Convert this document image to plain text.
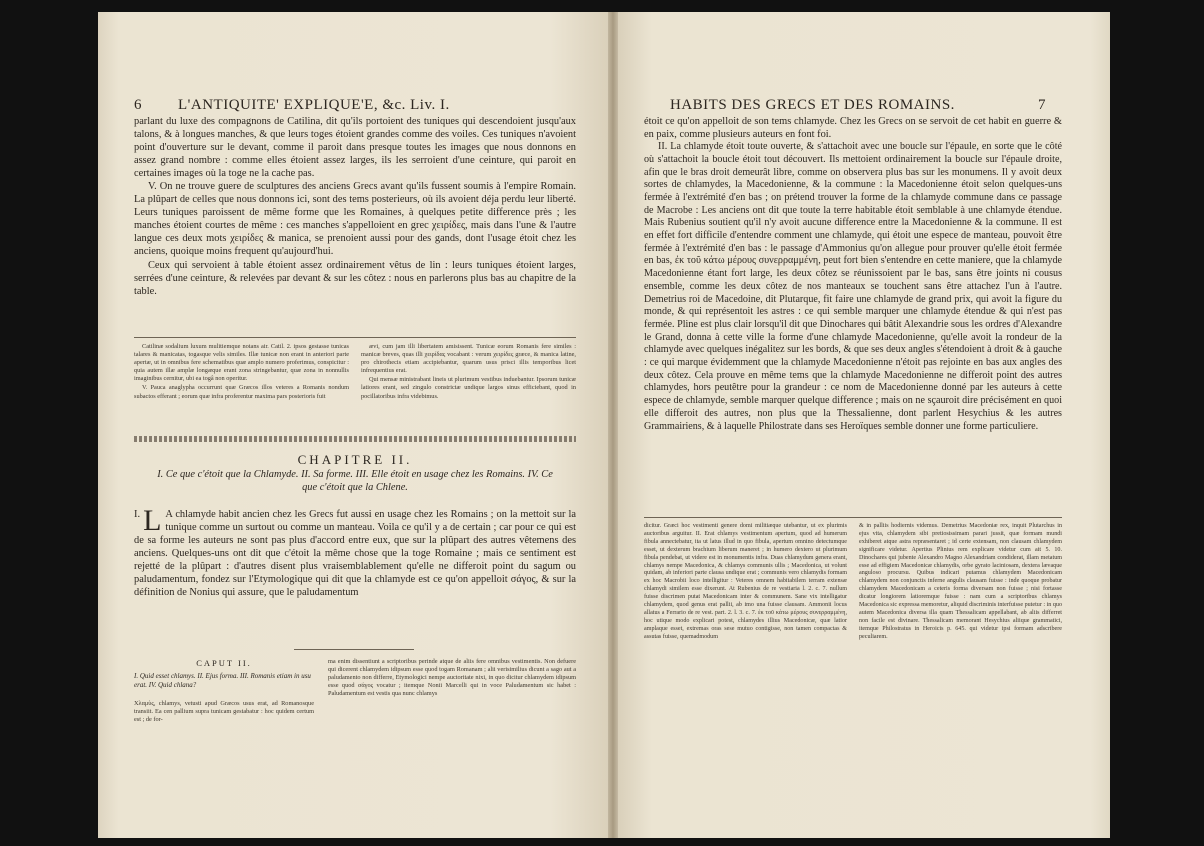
6 L'ANTIQUITE' EXPLIQUE'E, &c. Liv. I.

parlant du luxe des compagnons de Catilina, dit qu'ils portoient des tuniques qui descendoient jusqu'aux talons, & à longues manches, & que leurs toges étoient grandes comme des voiles. Ces tuniques n'avoient point d'ouverture sur le devant, comme il paroit dans presque toutes les images que nous donnons en assez grand nombre : comme elles étoient assez larges, ils les serroient d'une ceinture, qui paroit en certaines images où la toge ne la cache pas.

V. On ne trouve guere de sculptures des anciens Grecs avant qu'ils fussent soumis à l'empire Romain. La plûpart de celles que nous donnons ici, sont des tems posterieurs, où ils avoient déja perdu leur liberté. Leurs tuniques paroissent de même forme que les Romaines, à quelques petite difference près ; les manches étoient courtes de même : ces manches s'appelloient en grec χειρίδες, mais dans l'une & l'autre langue ces deux mots χειρίδες & manica, se prenoient aussi pour des gands, dont l'usage étoit chez les anciens, quoique moins frequent qu'aujourd'hui.

Ceux qui servoient à table étoient assez ordinairement vêtus de lin : leurs tuniques étoient larges, serrées d'une ceinture, & relevées par devant & sur les côtez : nous en parlerons plus bas au chapitre de la table.

Catilinæ sodalium luxum mulitiemque notans air. Catil. 2. ipsos gestasse tunicas talares & manicatas, togasque velis similes. Illæ tunicæ non erant in anteriori parte apertæ, ut in omnibus fere schematibus quæ amplo numero proferimus, conspicitur : quia autem illæ amplæ longæque erant zona stringebantur, quæ zona in nonnullis imaginibus cernitur, ubi ea togâ non operitur.

V. Pauca anaglypha occurrunt quæ Græcos illos veteres a Romanis nondum subactos efferant ; eorum quæ infra proferentur maxima pars posterioris fuit

ævi, cum jam illi libertatem amisissent. Tunicæ eorum Romanis fere similes : manicæ breves, quas illi χειρίδας vocabant : verum χειρίδες græce, & manica latine, pro chirothecis etiam accipiebantur, quarum usus prisci illis temporibus licet infrequentius erat.

Qui mensæ ministrabant lineis ut plurimum vestibus induebantur. Ipsorum tunicæ latiores erant, sed zingulo constrictæ undique largos sinus efficiebant, quod in pocillatoribus infra videbimus.

CHAPITRE II.
I. Ce que c'étoit que la Chlamyde. II. Sa forme. III. Elle étoit en usage chez les Romains. IV. Ce que c'étoit que la Chlene.

I. L A chlamyde habit ancien chez les Grecs fut aussi en usage chez les Romains ; on la mettoit sur la tunique comme un surtout ou comme un manteau. Voila ce qu'il y a de certain ; car pour ce qui est de sa forme les auteurs ne sont pas plus d'accord entre eux, que sur la plûpart des autres vêtemens des anciens. Quelques-uns ont dit que c'étoit la même chose que la toge Romaine ; mais ce sentiment est rejetté de la plûpart : d'autres disent plus vraisemblablement qu'elle ne differoit point du sagum ou paludamentum, fondez sur l'Etymologique qui dit que la chlamyde est ce qu'on appelloit σάγος, & sur la définition de Nonius qui assure, que le paludamentum

CAPUT II.
I. Quid esset chlamys. II. Ejus forma. III. Romanis etiam in usu erat. IV. Quid chlana?
Χλαμὺς, chlamys, vetusti apud Græcos usus erat, ad Romanosque transiit. Ea cen pallium supra tunicam gestabatur : hoc quidem certum est ; de for-
ma enim dissentiunt a scriptoribus perinde atque de aliis fere omnibus vestimentis. Non defuere qui dicerent chlamydem idipsum esse quod togam Romanam ; alii verisimilius dicunt a sago aut a paludamento non differre, Etymologici nempe auctoritate nixi, in quo dicitur chlamydem idipsum esse quod σάγος vocatur ; itemque Nonii Marcelli qui in voce Paludamentum sic habet : Paludamentum est vestis qua nunc chlamys
HABITS DES GRECS ET DES ROMAINS.	7

étoit ce qu'on appelloit de son tems chlamyde. Chez les Grecs on se servoit de cet habit en guerre & en paix, comme plusieurs auteurs en font foi.

II. La chlamyde étoit toute ouverte, & s'attachoit avec une boucle sur l'épaule, en sorte que le côté où s'attachoit la boucle étoit tout découvert. Ils mettoient ordinairement la boucle sur l'épaule droite, afin que le bras droit demeurât libre, comme on observera plus bas sur les monumens. Il y avoit deux sortes de chlamydes, la Macedonienne, & la commune : la Macedonienne étoit selon quelques-uns fermée à l'extrémité d'en bas ; on prétend trouver la forme de la chlamyde commune dans ce passage de Macrobe : Les anciens ont dit que toute la terre habitable étoit semblable à une chlamyde étendue. Mais Rubenius soutient qu'il n'y avoit aucune difference entre la Macedonienne & la commune. Il est en effet fort difficile d'entendre comment une chlamyde, qui étoit une espece de manteau, pouvoit être fermée à l'extrémité d'en bas : le passage d'Ammonius qu'on allegue pour prouver qu'elle étoit fermée en bas, ἐκ τοῦ κάτω μέρους συνερραμμένη, peut fort bien s'entendre en cette maniere, que la chlamyde Macedonienne étant fort large, les deux côtez se réunissoient par le bas, sans être joints ni cousus ensemble, comme les deux côtez de nos manteaux se touchent sans être attachez l'un à l'autre. Demetrius roi de Macedoine, dit Plutarque, fit faire une chlamyde de grand prix, qui avoit la figure du monde, & qui représentoit les astres : ce qui semble marquer une chlamyde étendue & qui n'est pas fermée. Pline est plus clair lorsqu'il dit que Dinochares qui bâtit Alexandrie sous les ordres d'Alexandre le Grand, donna à cette ville la forme d'une chlamyde Macedonienne, qu'elle avoit la rondeur de la chlamyde avec quelques inégalitez sur les bords, & que ses deux angles s'étendoient à droit & à gauche : ce qui marque évidemment que la chlamyde Macedonienne n'étoit pas rejointe en bas aux angles des deux côtez. Cela prouve en même tems que la chlamyde Macedonienne ne differoit point des autres chlamydes, hors peutêtre pour la grandeur : ce nom de Macedonienne donné par les auteurs à cette espece de chlamyde, semble marquer quelque difference ; mais on ne sçauroit dire précisément en quoi elle differoit des autres, non plus que la Thessalienne, dont parlent Hesychius & les autres Grammairiens, & à laquelle Philostrate dans ses Heroïques semble donner une forme particuliere.

dicitur. Græci hoc vestimenti genere domi militiæque utebantur, ut ex plurimis auctoribus arguitur. II. Erat chlamys vestimentum apertum, quod ad humerum fibula annectebatur, ita ut latus illud in quo fibula, apertum omnino detectumque esset, ut dexterum brachium liberum maneret ; in humero dextero ut plurimum fibula pendebat, ut videre est in monumentis infra. Duas chlamydum genera erant, chlamys nempe Macedonica, & chlamys communis ullis ; Macedonica, ut volunt quidam, ab inferiori parte clausa undique erat ; communis vero chlamydis formam ex hoc Macrobii loco intelligitur : Veteres omnem habitabilem terram extensæ chlamydi similem esse dixerunt. At Rubenius de re vestiaria l. 2. c. 7. nullum fuisse discrimen putat Macedonicam inter & communem. Sane vix intelligatur chlamydem, quod genus erat pallii, ab imo una fuisse clausam. Ammonii locus allatus a Ferrario de re vest. part. 2. l. 3. c. 7. ἐκ τοῦ κάτω μέρους συνερραμμένη, hoc utique modo explicari potest, chlamydes illius Macedonicæ, quæ latior amplaque esset, extremas oras sese mutuo contigisse, non tamen compactas & assutas fuisse, quemadmodum
& in palliis hodiernis videmus. Demetrius Macedoniæ rex, inquit Plutarchus in ejus vita, chlamydem sibi pretiosissimam parari jussit, quæ formam mundi exhiberet atque astra repræsentaret ; id certe extensam, non clausam chlamydem significare videtur. Apertius Plinius rem explicare videtur cum ait 5. 10. Dinochares qui jubente Alexandro Magno Alexandriam condiderat, illam metatum esse ad effigiem Macedonicæ chlamydis, orbe gyrato laciniosam, dextera lævaque anguloso procursu. Quibus indicari putamus chlamydem Macedonicam chlamydem non conjunctis inferne angulis clausam fuisse : inde quoque probatur chlamydem Macedonicam a ceteris forma diversam non fuisse ; nisi fortasse dicatur longiorem latioremque fuisse : nam cum a scriptoribus chlamys Macedonica sic expressa memoretur, aliquid discriminis interfuisse putetur : in quo autem Macedonica diversa illa quam Thessalicam appellabant, ab aliis differret non facile est divinare. Thessalicam memorant Hesychius aliique grammatici, itemque Philostratus in Heroicis p. 645. qui videtur ipsi formam adscribere peculiarem.
